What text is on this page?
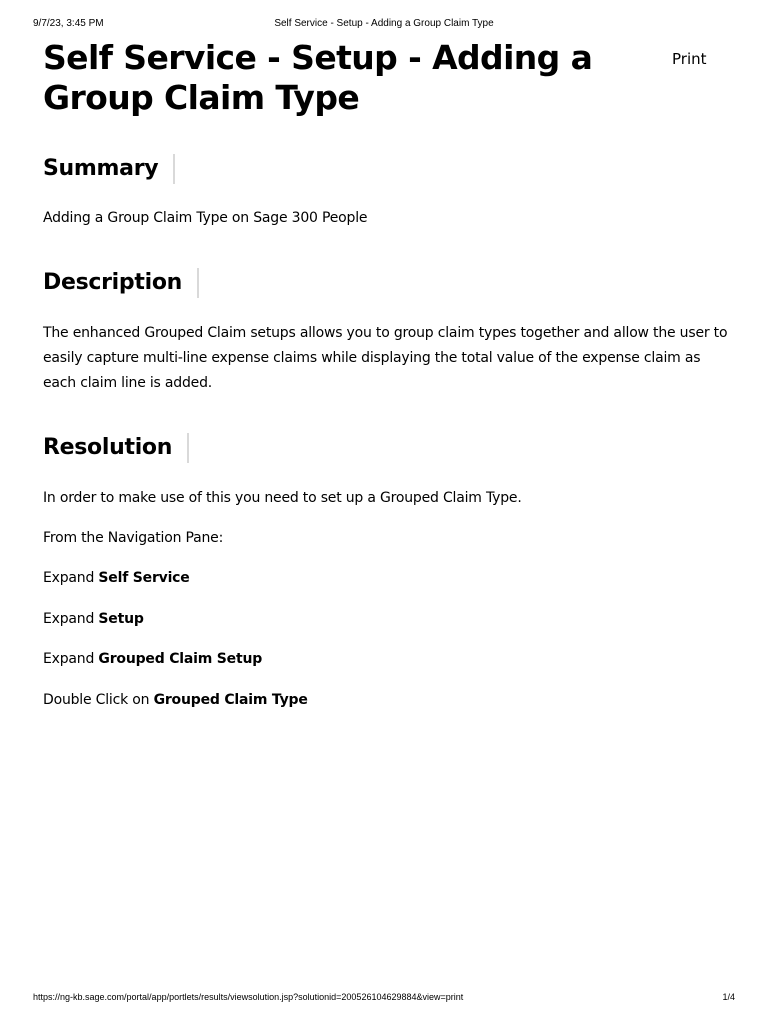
9/7/23, 3:45 PM	Self Service - Setup - Adding a Group Claim Type
Self Service - Setup - Adding a Group Claim Type
Print
Summary

Adding a Group Claim Type on Sage 300 People

Description

The enhanced Grouped Claim setups allows you to group claim types together and allow the user to easily capture multi-line expense claims while displaying the total value of the expense claim as each claim line is added.

Resolution

In order to make use of this you need to set up a Grouped Claim Type.

From the Navigation Pane:

Expand Self Service

Expand Setup

Expand Grouped Claim Setup

Double Click on Grouped Claim Type

https://ng-kb.sage.com/portal/app/portlets/results/viewsolution.jsp?solutionid=200526104629884&view=print	1/4
